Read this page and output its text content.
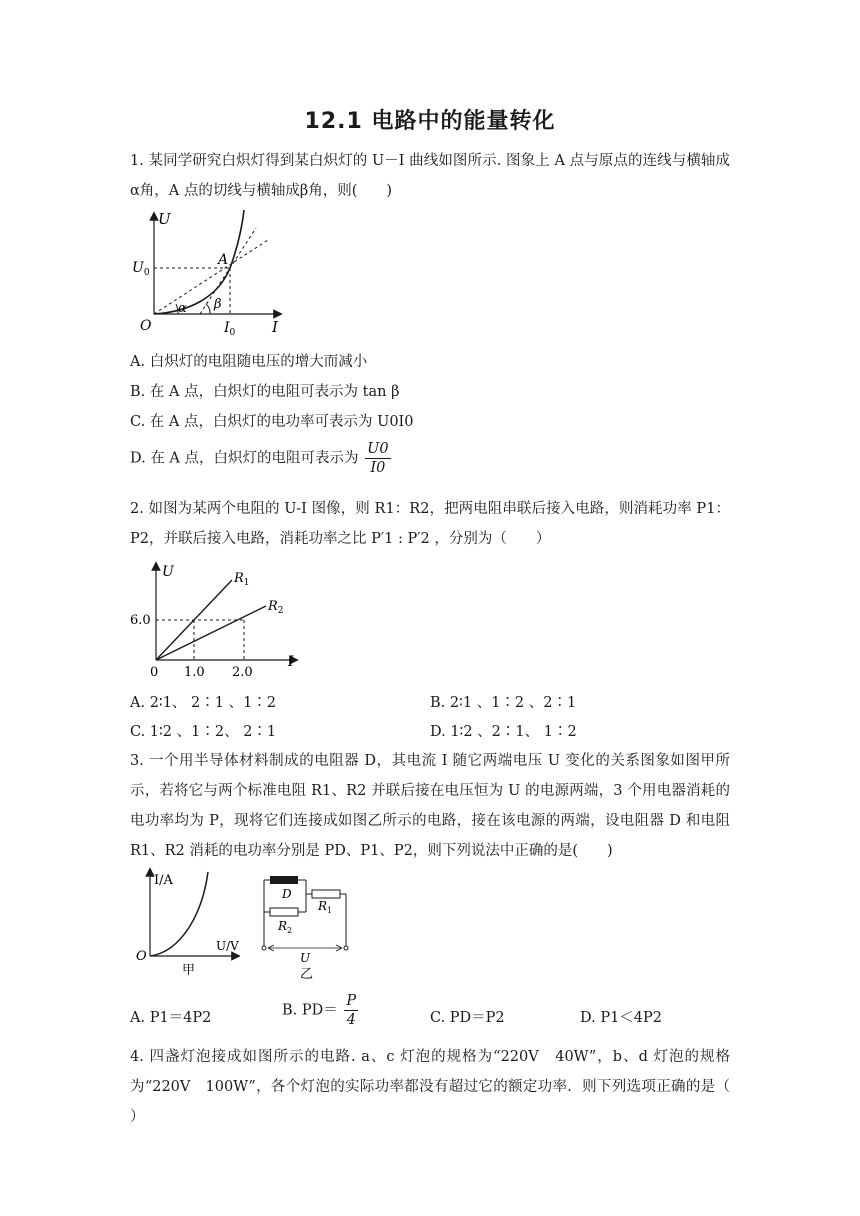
12.1 电路中的能量转化
1. 某同学研究白炽灯得到某白炽灯的 U－I 曲线如图所示. 图象上 A 点与原点的连线与横轴成α角，A 点的切线与横轴成β角，则(　　)
U
I
O
$U_0$
$I_0$
A
α β
A. 白炽灯的电阻随电压的增大而减小
B. 在 A 点，白炽灯的电阻可表示为 tan β
C. 在 A 点，白炽灯的电功率可表示为 U0I0
D. 在 A 点，白炽灯的电阻可表示为 $\frac{U0}{I0}$
2. 如图为某两个电阻的 U-I 图像，则 R1：R2，把两电阻串联后接入电路，则消耗功率 P1：P2，并联后接入电路，消耗功率之比 P′1 : P′2 ，分别为（　　）
U
I
0
6.0
1.0 2.0
$R_1$
$R_2$
A. 2∶1、 2∶1 、1∶2	B. 2∶1 、1∶2 、2∶1
C. 1∶2 、1∶2、 2∶1	D. 1∶2 、2∶1、 1∶2
3. 一个用半导体材料制成的电阻器 D，其电流 I 随它两端电压 U 变化的关系图象如图甲所示，若将它与两个标准电阻 R1、R2 并联后接在电压恒为 U 的电源两端，3 个用电器消耗的电功率均为 P，现将它们连接成如图乙所示的电路，接在该电源的两端，设电阻器 D 和电阻 R1、R2 消耗的电功率分别是 PD、P1、P2，则下列说法中正确的是(　　)
I/A
U/V
O
甲
D
$R_1$
$R_2$
U
乙
A. P1＝4P2	B. $PD= \frac{P}{4}$	C. PD＝P2	D. P1＜4P2
4. 四盏灯泡接成如图所示的电路. a、c 灯泡的规格为“220V　40W”，b、d 灯泡的规格为“220V　100W”，各个灯泡的实际功率都没有超过它的额定功率．则下列选项正确的是（ ）
